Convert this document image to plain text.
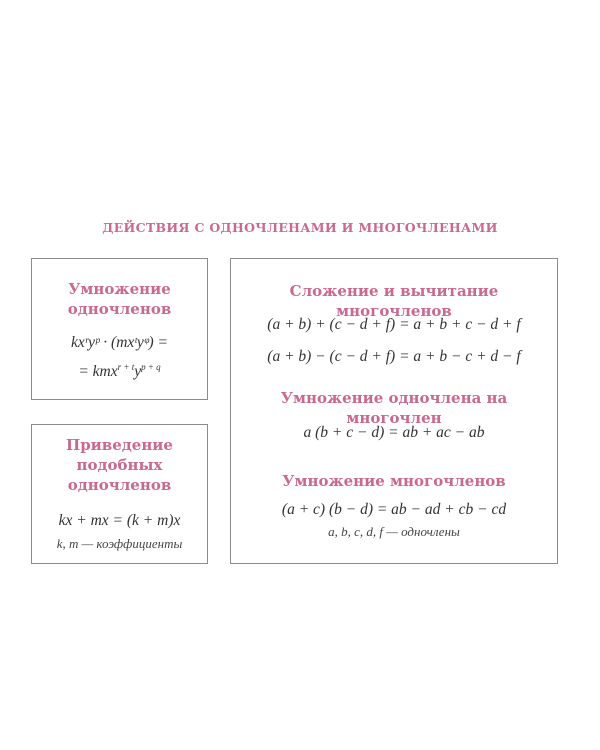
ДЕЙСТВИЯ С ОДНОЧЛЕНАМИ И МНОГОЧЛЕНАМИ
Умножение
одночленов
kxʳyᵖ · (mxᵗyᵠ) =
= $kmx^{r + t}y^{p + q}$
Приведение
подобных
одночленов
kx + mx = (k + m)x
k, m — коэффициенты
Сложение и вычитание многочленов
(a + b) + (c − d + f) = a + b + c − d + f
(a + b) − (c − d + f) = a + b − c + d − f
Умножение одночлена на многочлен
a (b + c − d) = ab + ac − ab
Умножение многочленов
(a + c) (b − d) = ab − ad + cb − cd
a, b, c, d, f — одночлены
